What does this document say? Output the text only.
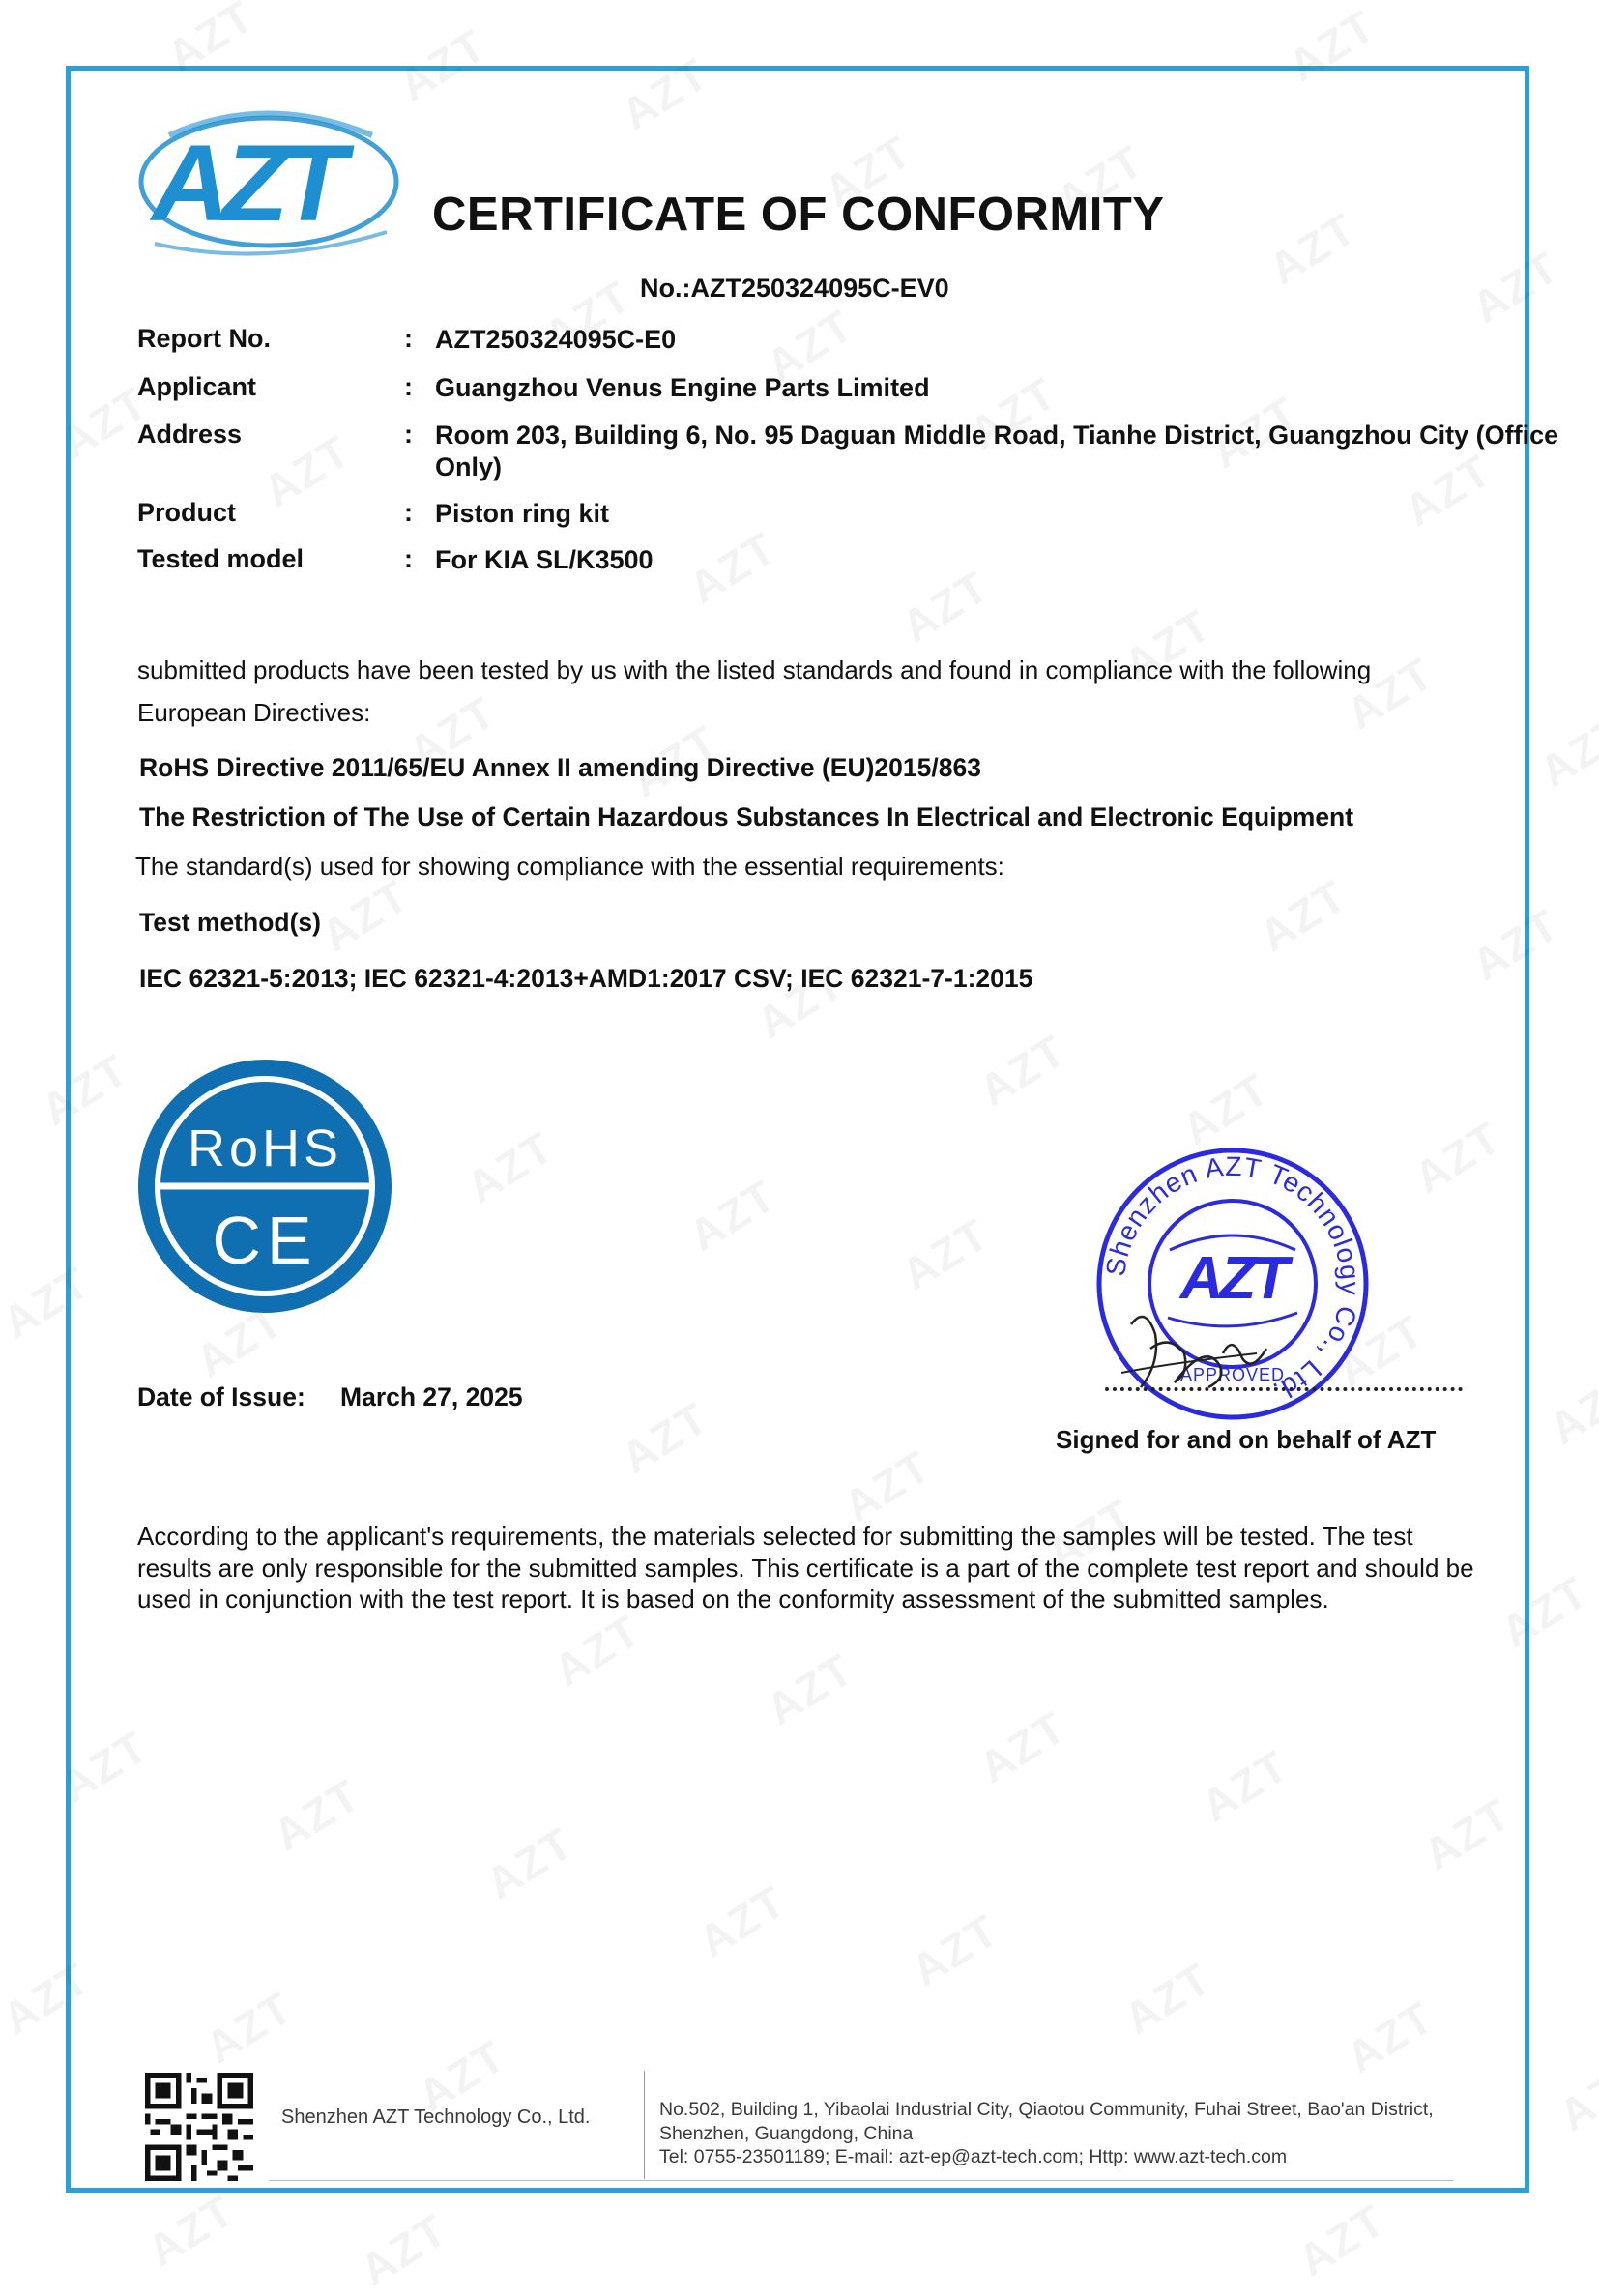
AZT	CERTIFICATE OF CONFORMITY
No.:AZT250324095C-EV0
Report No.	: AZT250324095C-E0
Applicant	: Guangzhou Venus Engine Parts Limited
Address	: Room 203, Building 6, No. 95 Daguan Middle Road, Tianhe District, Guangzhou City (Office Only)
Product	: Piston ring kit
Tested model	: For KIA SL/K3500
submitted products have been tested by us with the listed standards and found in compliance with the following European Directives:
RoHS Directive 2011/65/EU Annex II amending Directive (EU)2015/863
The Restriction of The Use of Certain Hazardous Substances In Electrical and Electronic Equipment
The standard(s) used for showing compliance with the essential requirements:
Test method(s)
IEC 62321-5:2013; IEC 62321-4:2013+AMD1:2017 CSV; IEC 62321-7-1:2015
RoHS
CE
Date of Issue: March 27, 2025
Shenzhen AZT Technology Co., Ltd.
AZT
APPROVED
Signed for and on behalf of AZT
According to the applicant's requirements, the materials selected for submitting the samples will be tested. The test results are only responsible for the submitted samples. This certificate is a part of the complete test report and should be used in conjunction with the test report. It is based on the conformity assessment of the submitted samples.
Shenzhen AZT Technology Co., Ltd.	No.502, Building 1, Yibaolai Industrial City, Qiaotou Community, Fuhai Street, Bao'an District, Shenzhen, Guangdong, China
Tel: 0755-23501189; E-mail: azt-ep@azt-tech.com; Http: www.azt-tech.com
